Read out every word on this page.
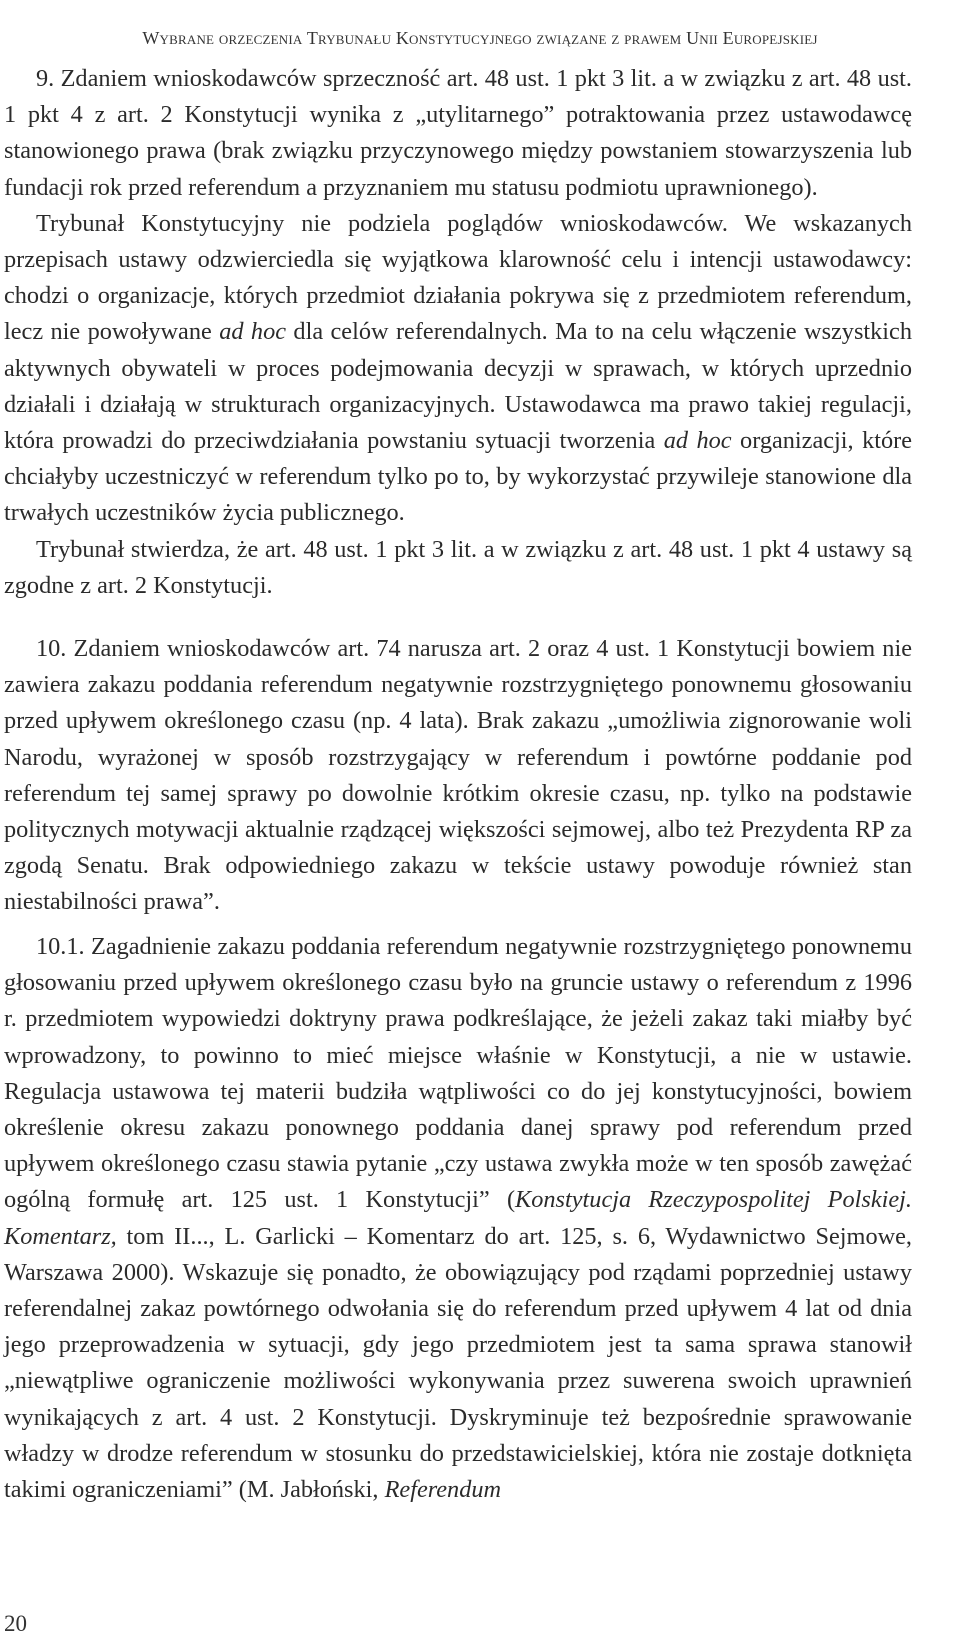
Wybrane orzeczenia Trybunału Konstytucyjnego związane z prawem Unii Europejskiej

9. Zdaniem wnioskodawców sprzeczność art. 48 ust. 1 pkt 3 lit. a w związku z art. 48 ust. 1 pkt 4 z art. 2 Konstytucji wynika z „utylitarnego” potraktowania przez ustawodawcę stanowionego prawa (brak związku przyczynowego między powstaniem stowarzyszenia lub fundacji rok przed referendum a przyznaniem mu statusu podmiotu uprawnionego).

Trybunał Konstytucyjny nie podziela poglądów wnioskodawców. We wskazanych przepisach ustawy odzwierciedla się wyjątkowa klarowność celu i intencji ustawodawcy: chodzi o organizacje, których przedmiot działania pokrywa się z przedmiotem referendum, lecz nie powoływane ad hoc dla celów referendalnych. Ma to na celu włączenie wszystkich aktywnych obywateli w proces podejmowania decyzji w sprawach, w których uprzednio działali i działają w strukturach organizacyjnych. Ustawodawca ma prawo takiej regulacji, która prowadzi do przeciwdziałania powstaniu sytuacji tworzenia ad hoc organizacji, które chciałyby uczestniczyć w referendum tylko po to, by wykorzystać przywileje stanowione dla trwałych uczestników życia publicznego.

Trybunał stwierdza, że art. 48 ust. 1 pkt 3 lit. a w związku z art. 48 ust. 1 pkt 4 ustawy są zgodne z art. 2 Konstytucji.

10. Zdaniem wnioskodawców art. 74 narusza art. 2 oraz 4 ust. 1 Konstytucji bowiem nie zawiera zakazu poddania referendum negatywnie rozstrzygniętego ponownemu głosowaniu przed upływem określonego czasu (np. 4 lata). Brak zakazu „umożliwia zignorowanie woli Narodu, wyrażonej w sposób rozstrzygający w referendum i powtórne poddanie pod referendum tej samej sprawy po dowolnie krótkim okresie czasu, np. tylko na podstawie politycznych motywacji aktualnie rządzącej większości sejmowej, albo też Prezydenta RP za zgodą Senatu. Brak odpowiedniego zakazu w tekście ustawy powoduje również stan niestabilności prawa”.

10.1. Zagadnienie zakazu poddania referendum negatywnie rozstrzygniętego ponownemu głosowaniu przed upływem określonego czasu było na gruncie ustawy o referendum z 1996 r. przedmiotem wypowiedzi doktryny prawa podkreślające, że jeżeli zakaz taki miałby być wprowadzony, to powinno to mieć miejsce właśnie w Konstytucji, a nie w ustawie. Regulacja ustawowa tej materii budziła wątpliwości co do jej konstytucyjności, bowiem określenie okresu zakazu ponownego poddania danej sprawy pod referendum przed upływem określonego czasu stawia pytanie „czy ustawa zwykła może w ten sposób zawężać ogólną formułę art. 125 ust. 1 Konstytucji” (Konstytucja Rzeczypospolitej Polskiej. Komentarz, tom II..., L. Garlicki – Komentarz do art. 125, s. 6, Wydawnictwo Sejmowe, Warszawa 2000). Wskazuje się ponadto, że obowiązujący pod rządami poprzedniej ustawy referendalnej zakaz powtórnego odwołania się do referendum przed upływem 4 lat od dnia jego przeprowadzenia w sytuacji, gdy jego przedmiotem jest ta sama sprawa stanowił „niewątpliwe ograniczenie możliwości wykonywania przez suwerena swoich uprawnień wynikających z art. 4 ust. 2 Konstytucji. Dyskryminuje też bezpośrednie sprawowanie władzy w drodze referendum w stosunku do przedstawicielskiej, która nie zostaje dotknięta takimi ograniczeniami” (M. Jabłoński, Referendum

20
